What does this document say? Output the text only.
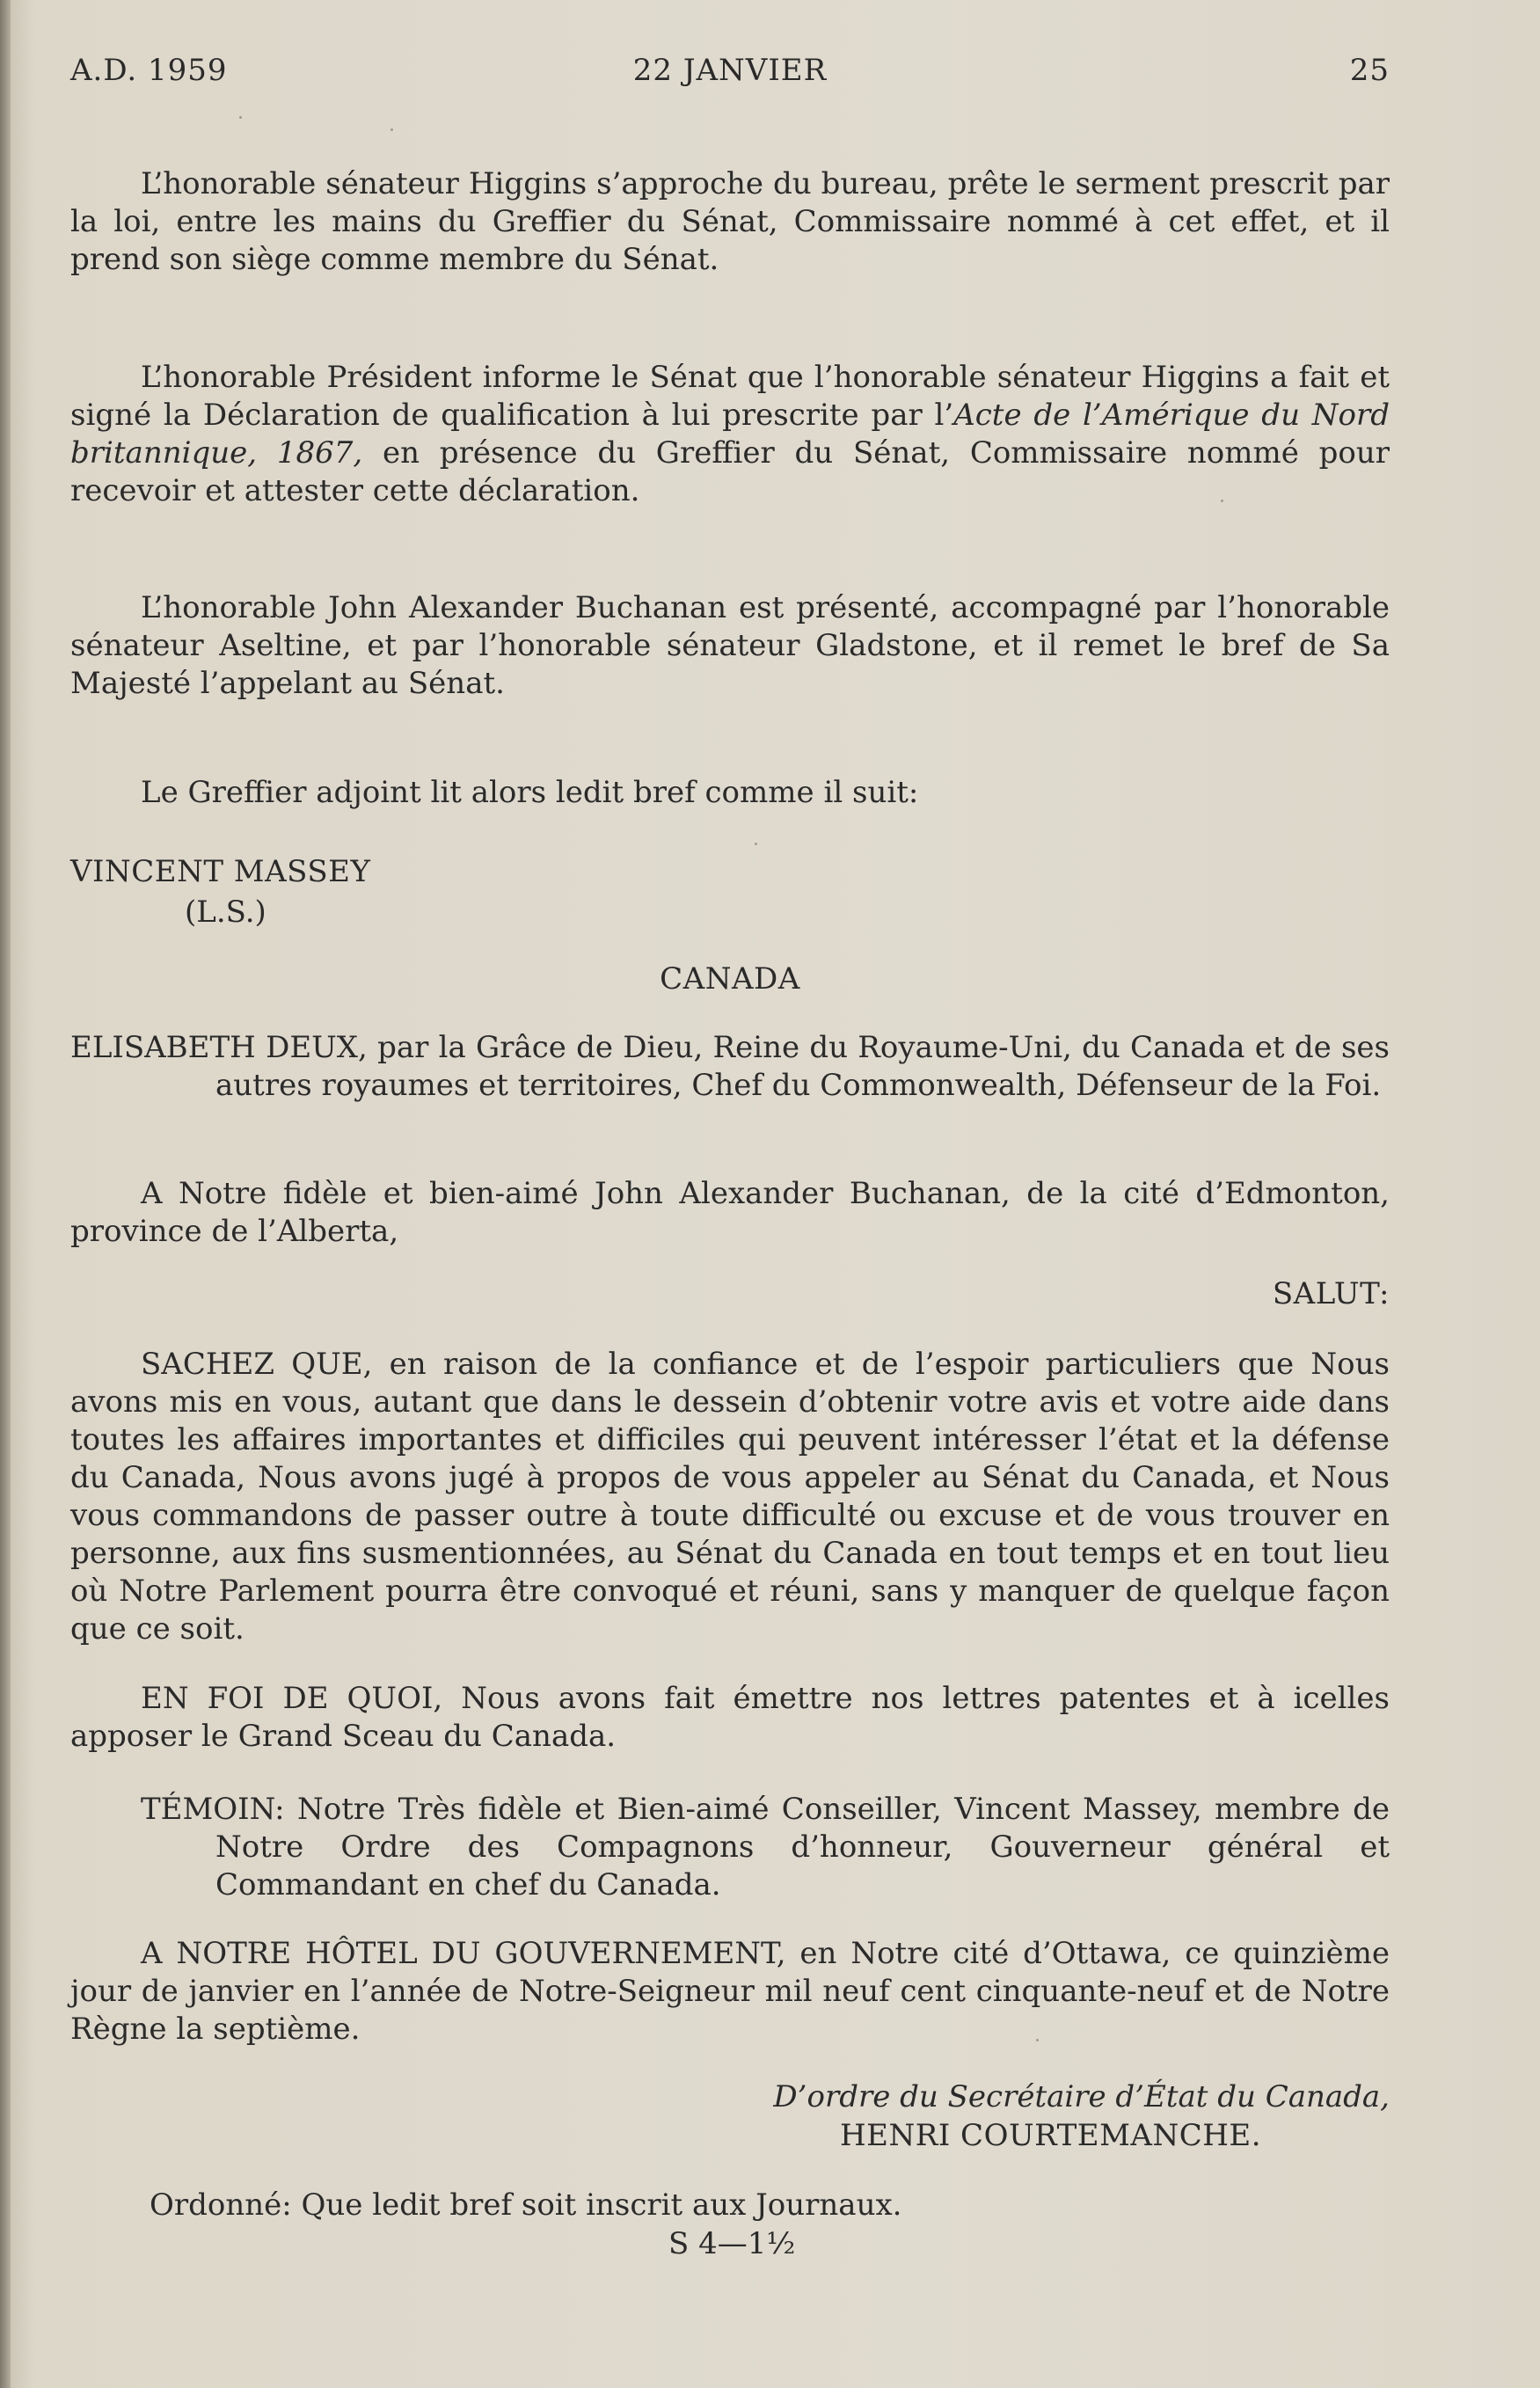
A.D. 1959	22 JANVIER	25

L’honorable sénateur Higgins s’approche du bureau, prête le serment prescrit par la loi, entre les mains du Greffier du Sénat, Commissaire nommé à cet effet, et il prend son siège comme membre du Sénat.

L’honorable Président informe le Sénat que l’honorable sénateur Higgins a fait et signé la Déclaration de qualification à lui prescrite par l’Acte de l’Amérique du Nord britannique, 1867, en présence du Greffier du Sénat, Commissaire nommé pour recevoir et attester cette déclaration.

L’honorable John Alexander Buchanan est présenté, accompagné par l’honorable sénateur Aseltine, et par l’honorable sénateur Gladstone, et il remet le bref de Sa Majesté l’appelant au Sénat.

Le Greffier adjoint lit alors ledit bref comme il suit:

VINCENT MASSEY
(L.S.)
CANADA

ELISABETH DEUX, par la Grâce de Dieu, Reine du Royaume-Uni, du Canada et de ses autres royaumes et territoires, Chef du Commonwealth, Défenseur de la Foi.

A Notre fidèle et bien-aimé John Alexander Buchanan, de la cité d’Edmonton, province de l’Alberta,

SALUT:

SACHEZ QUE, en raison de la confiance et de l’espoir particuliers que Nous avons mis en vous, autant que dans le dessein d’obtenir votre avis et votre aide dans toutes les affaires importantes et difficiles qui peuvent intéresser l’état et la défense du Canada, Nous avons jugé à propos de vous appeler au Sénat du Canada, et Nous vous commandons de passer outre à toute difficulté ou excuse et de vous trouver en personne, aux fins susmentionnées, au Sénat du Canada en tout temps et en tout lieu où Notre Parlement pourra être convoqué et réuni, sans y manquer de quelque façon que ce soit.

EN FOI DE QUOI, Nous avons fait émettre nos lettres patentes et à icelles apposer le Grand Sceau du Canada.

TÉMOIN: Notre Très fidèle et Bien-aimé Conseiller, Vincent Massey, membre de Notre Ordre des Compagnons d’honneur, Gouverneur général et Commandant en chef du Canada.

A NOTRE HÔTEL DU GOUVERNEMENT, en Notre cité d’Ottawa, ce quinzième jour de janvier en l’année de Notre-Seigneur mil neuf cent cinquante-neuf et de Notre Règne la septième.

D’ordre du Secrétaire d’État du Canada,
HENRI COURTEMANCHE.

Ordonné: Que ledit bref soit inscrit aux Journaux.

S 4—1½
